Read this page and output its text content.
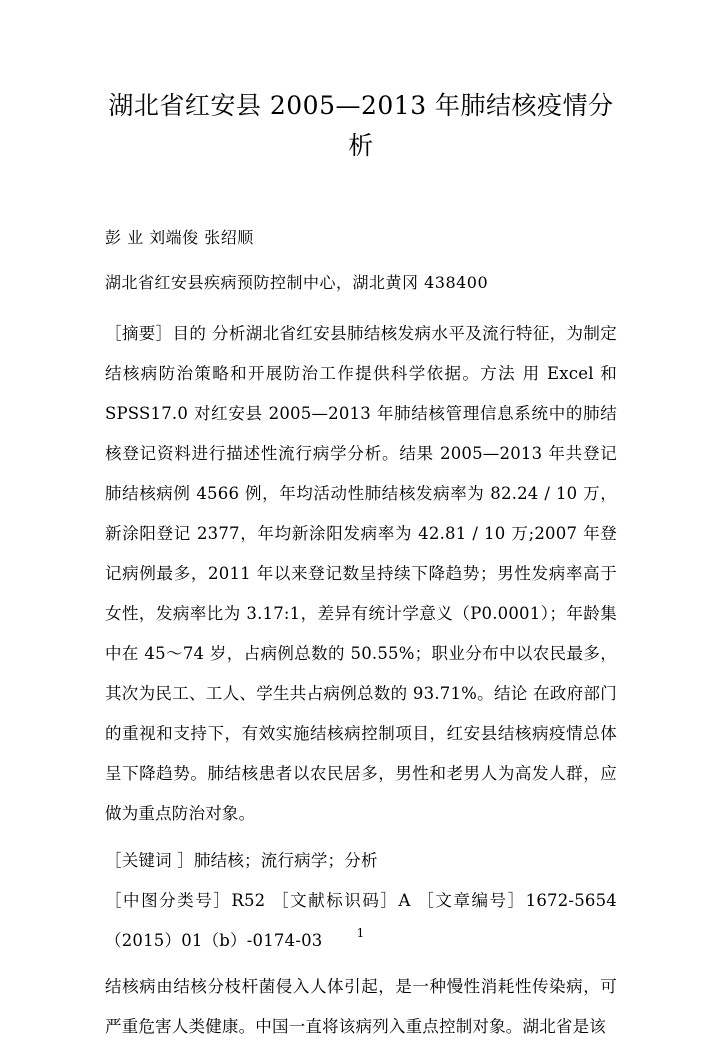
湖北省红安县 2005—2013 年肺结核疫情分析

彭 业 刘端俊 张绍顺

湖北省红安县疾病预防控制中心，湖北黄冈 438400

［摘要］目的 分析湖北省红安县肺结核发病水平及流行特征，为制定结核病防治策略和开展防治工作提供科学依据。方法 用 Excel 和 SPSS17.0 对红安县 2005—2013 年肺结核管理信息系统中的肺结核登记资料进行描述性流行病学分析。结果 2005—2013 年共登记肺结核病例 4566 例，年均活动性肺结核发病率为 82.24 / 10 万，新涂阳登记 2377，年均新涂阳发病率为 42.81 / 10 万;2007 年登记病例最多，2011 年以来登记数呈持续下降趋势；男性发病率高于女性，发病率比为 3.17:1，差异有统计学意义（P0.0001）；年龄集中在 45～74 岁，占病例总数的 50.55%；职业分布中以农民最多，其次为民工、工人、学生共占病例总数的 93.71%。结论 在政府部门的重视和支持下，有效实施结核病控制项目，红安县结核病疫情总体呈下降趋势。肺结核患者以农民居多，男性和老男人为高发人群，应做为重点防治对象。

［关键词 ］肺结核；流行病学；分析

［中图分类号］R52 ［文献标识码］A ［文章编号］1672-5654（2015）01（b）-0174-03

结核病由结核分枝杆菌侵入人体引起，是一种慢性消耗性传染病，可严重危害人类健康。中国一直将该病列入重点控制对象。湖北省是该

1
